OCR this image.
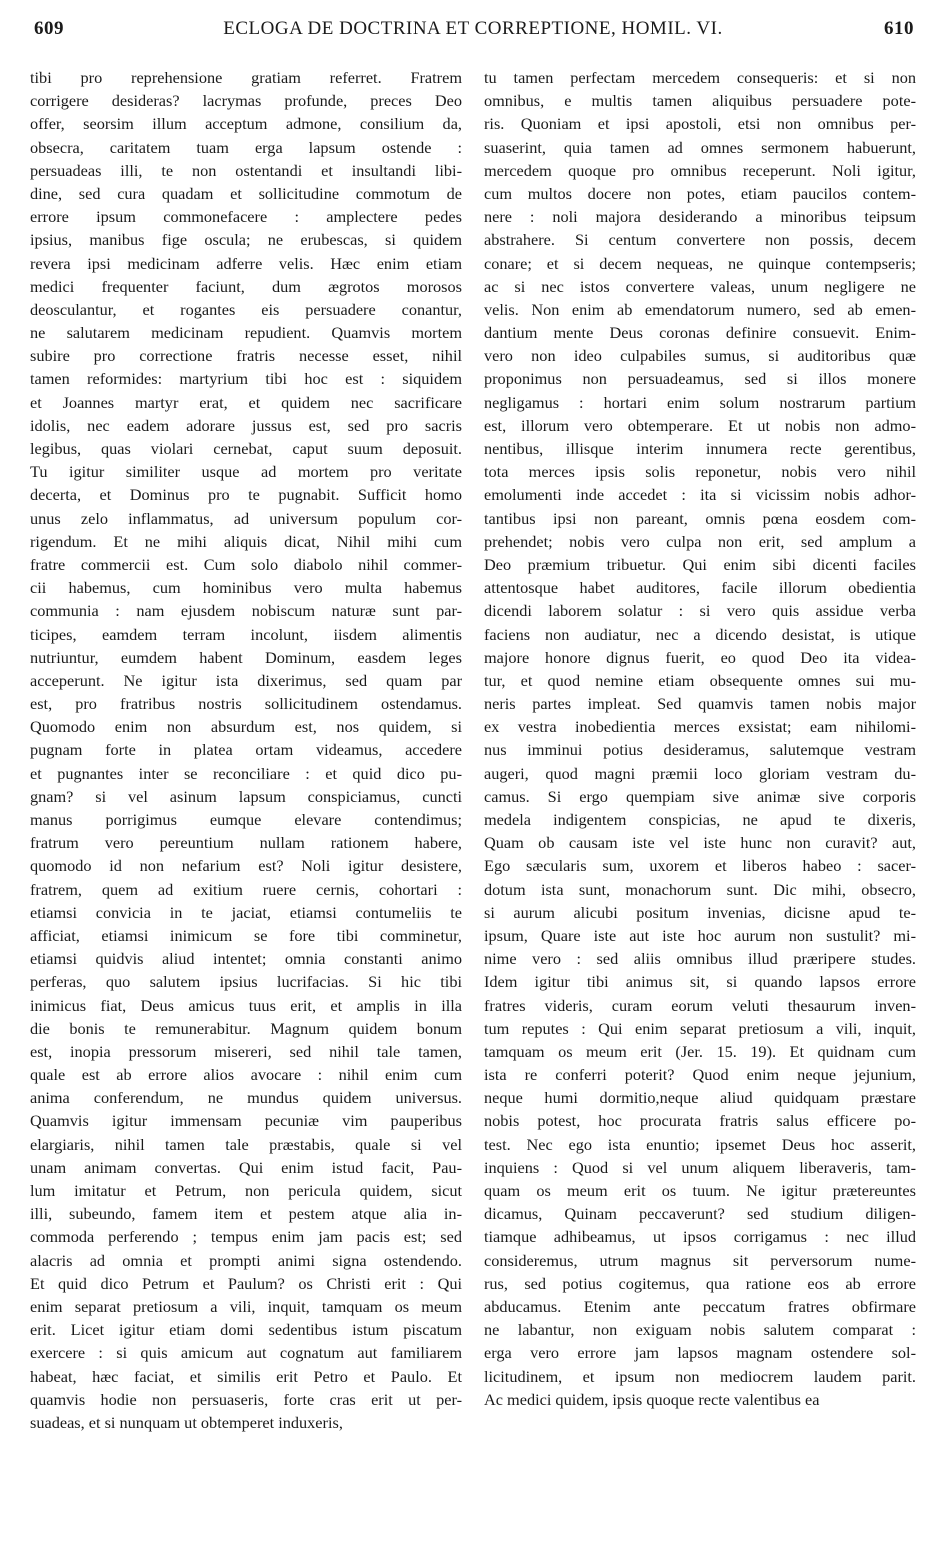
609	ECLOGA DE DOCTRINA ET CORREPTIONE, HOMIL. VI.	610
tibi pro reprehensione gratiam referret. Fratrem
corrigere desideras? lacrymas profunde, preces Deo
offer, seorsim illum acceptum admone, consilium da,
obsecra, caritatem tuam erga lapsum ostende :
persuadeas illi, te non ostentandi et insultandi libi-
dine, sed cura quadam et sollicitudine commotum de
errore ipsum commonefacere : amplectere pedes
ipsius, manibus fige oscula; ne erubescas, si quidem
revera ipsi medicinam adferre velis. Hæc enim etiam
medici frequenter faciunt, dum ægrotos morosos
deosculantur, et rogantes eis persuadere conantur,
ne salutarem medicinam repudient. Quamvis mortem
subire pro correctione fratris necesse esset, nihil
tamen reformides: martyrium tibi hoc est : siquidem
et Joannes martyr erat, et quidem nec sacrificare
idolis, nec eadem adorare jussus est, sed pro sacris
legibus, quas violari cernebat, caput suum deposuit.
Tu igitur similiter usque ad mortem pro veritate
decerta, et Dominus pro te pugnabit. Sufficit homo
unus zelo inflammatus, ad universum populum cor-
rigendum. Et ne mihi aliquis dicat, Nihil mihi cum
fratre commercii est. Cum solo diabolo nihil commer-
cii habemus, cum hominibus vero multa habemus
communia : nam ejusdem nobiscum naturæ sunt par-
ticipes, eamdem terram incolunt, iisdem alimentis
nutriuntur, eumdem habent Dominum, easdem leges
acceperunt. Ne igitur ista dixerimus, sed quam par
est, pro fratribus nostris sollicitudinem ostendamus.
Quomodo enim non absurdum est, nos quidem, si
pugnam forte in platea ortam videamus, accedere
et pugnantes inter se reconciliare : et quid dico pu-
gnam? si vel asinum lapsum conspiciamus, cuncti
manus porrigimus eumque elevare contendimus;
fratrum vero pereuntium nullam rationem habere,
quomodo id non nefarium est? Noli igitur desistere,
fratrem, quem ad exitium ruere cernis, cohortari :
etiamsi convicia in te jaciat, etiamsi contumeliis te
afficiat, etiamsi inimicum se fore tibi comminetur,
etiamsi quidvis aliud intentet; omnia constanti animo
perferas, quo salutem ipsius lucrifacias. Si hic tibi
inimicus fiat, Deus amicus tuus erit, et amplis in illa
die bonis te remunerabitur. Magnum quidem bonum
est, inopia pressorum misereri, sed nihil tale tamen,
quale est ab errore alios avocare : nihil enim cum
anima conferendum, ne mundus quidem universus.
Quamvis igitur immensam pecuniæ vim pauperibus
elargiaris, nihil tamen tale præstabis, quale si vel
unam animam convertas. Qui enim istud facit, Pau-
lum imitatur et Petrum, non pericula quidem, sicut
illi, subeundo, famem item et pestem atque alia in-
commoda perferendo ; tempus enim jam pacis est; sed
alacris ad omnia et prompti animi signa ostendendo.
Et quid dico Petrum et Paulum? os Christi erit : Qui
enim separat pretiosum a vili, inquit, tamquam os meum
erit. Licet igitur etiam domi sedentibus istum piscatum
exercere : si quis amicum aut cognatum aut familiarem
habeat, hæc faciat, et similis erit Petro et Paulo. Et
quamvis hodie non persuaseris, forte cras erit ut per-
suadeas, et si nunquam ut obtemperet induxeris,
tu tamen perfectam mercedem consequeris: et si non
omnibus, e multis tamen aliquibus persuadere pote-
ris. Quoniam et ipsi apostoli, etsi non omnibus per-
suaserint, quia tamen ad omnes sermonem habuerunt,
mercedem quoque pro omnibus receperunt. Noli igitur,
cum multos docere non potes, etiam paucilos contem-
nere : noli majora desiderando a minoribus teipsum
abstrahere. Si centum convertere non possis, decem
conare; et si decem nequeas, ne quinque contempseris;
ac si nec istos convertere valeas, unum negligere ne
velis. Non enim ab emendatorum numero, sed ab emen-
dantium mente Deus coronas definire consuevit. Enim-
vero non ideo culpabiles sumus, si auditoribus quæ
proponimus non persuadeamus, sed si illos monere
negligamus : hortari enim solum nostrarum partium
est, illorum vero obtemperare. Et ut nobis non admo-
nentibus, illisque interim innumera recte gerentibus,
tota merces ipsis solis reponetur, nobis vero nihil
emolumenti inde accedet : ita si vicissim nobis adhor-
tantibus ipsi non pareant, omnis pœna eosdem com-
prehendet; nobis vero culpa non erit, sed amplum a
Deo præmium tribuetur. Qui enim sibi dicenti faciles
attentosque habet auditores, facile illorum obedientia
dicendi laborem solatur : si vero quis assidue verba
faciens non audiatur, nec a dicendo desistat, is utique
majore honore dignus fuerit, eo quod Deo ita videa-
tur, et quod nemine etiam obsequente omnes sui mu-
neris partes impleat. Sed quamvis tamen nobis major
ex vestra inobedientia merces exsistat; eam nihilomi-
nus imminui potius desideramus, salutemque vestram
augeri, quod magni præmii loco gloriam vestram du-
camus. Si ergo quempiam sive animæ sive corporis
medela indigentem conspicias, ne apud te dixeris,
Quam ob causam iste vel iste hunc non curavit? aut,
Ego sæcularis sum, uxorem et liberos habeo : sacer-
dotum ista sunt, monachorum sunt. Dic mihi, obsecro,
si aurum alicubi positum invenias, dicisne apud te-
ipsum, Quare iste aut iste hoc aurum non sustulit? mi-
nime vero : sed aliis omnibus illud præripere studes.
Idem igitur tibi animus sit, si quando lapsos errore
fratres videris, curam eorum veluti thesaurum inven-
tum reputes : Qui enim separat pretiosum a vili, inquit,
tamquam os meum erit (Jer. 15. 19). Et quidnam cum
ista re conferri poterit? Quod enim neque jejunium,
neque humi dormitio,neque aliud quidquam præstare
nobis potest, hoc procurata fratris salus efficere po-
test. Nec ego ista enuntio; ipsemet Deus hoc asserit,
inquiens : Quod si vel unum aliquem liberaveris, tam-
quam os meum erit os tuum. Ne igitur prætereuntes
dicamus, Quinam peccaverunt? sed studium diligen-
tiamque adhibeamus, ut ipsos corrigamus : nec illud
consideremus, utrum magnus sit perversorum nume-
rus, sed potius cogitemus, qua ratione eos ab errore
abducamus. Etenim ante peccatum fratres obfirmare
ne labantur, non exiguam nobis salutem comparat :
erga vero errore jam lapsos magnam ostendere sol-
licitudinem, et ipsum non mediocrem laudem parit.
Ac medici quidem, ipsis quoque recte valentibus ea
